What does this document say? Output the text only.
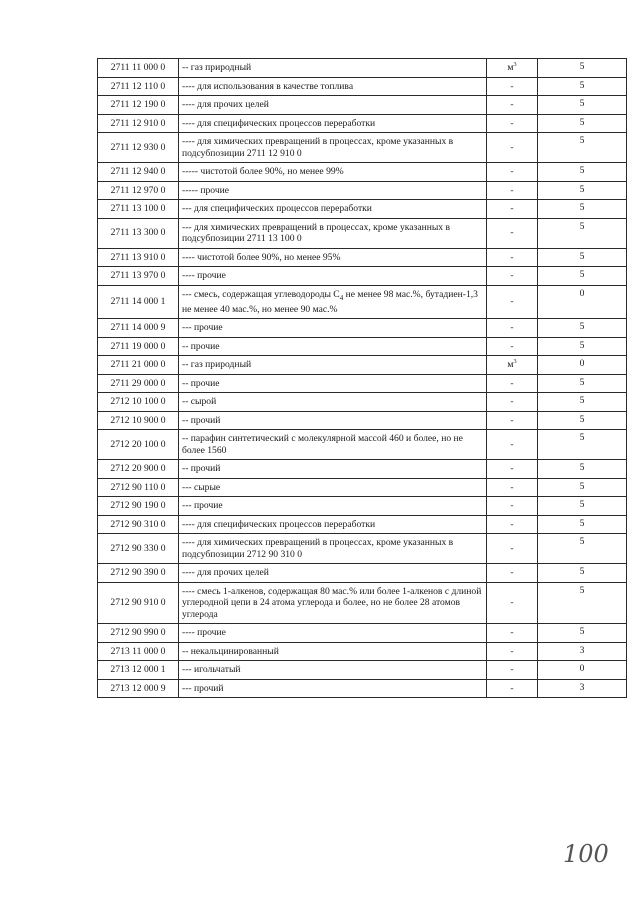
2711 11 000 0	-- газ природный	$м^3$	5
2711 12 110 0	---- для использования в качестве топлива	-	5
2711 12 190 0	---- для прочих целей	-	5
2711 12 910 0	---- для специфических процессов переработки	-	5
2711 12 930 0	---- для химических превращений в процессах, кроме указанных в подсубпозиции 2711 12 910 0	-	5
2711 12 940 0	----- чистотой более 90%, но менее 99%	-	5
2711 12 970 0	----- прочие	-	5
2711 13 100 0	--- для специфических процессов переработки	-	5
2711 13 300 0	--- для химических превращений в процессах, кроме указанных в подсубпозиции 2711 13 100 0	-	5
2711 13 910 0	---- чистотой более 90%, но менее 95%	-	5
2711 13 970 0	---- прочие	-	5
2711 14 000 1	--- смесь, содержащая углеводороды $С_4$ не менее 98 мас.%, бутадиен-1,3 не менее 40 мас.%, но менее 90 мас.%	-	0
2711 14 000 9	--- прочие	-	5
2711 19 000 0	-- прочие	-	5
2711 21 000 0	-- газ природный	$м^3$	0
2711 29 000 0	-- прочие	-	5
2712 10 100 0	-- сырой	-	5
2712 10 900 0	-- прочий	-	5
2712 20 100 0	-- парафин синтетический с молекулярной массой 460 и более, но не более 1560	-	5
2712 20 900 0	-- прочий	-	5
2712 90 110 0	--- сырые	-	5
2712 90 190 0	--- прочие	-	5
2712 90 310 0	---- для специфических процессов переработки	-	5
2712 90 330 0	---- для химических превращений в процессах, кроме указанных в подсубпозиции 2712 90 310 0	-	5
2712 90 390 0	---- для прочих целей	-	5
2712 90 910 0	---- смесь 1-алкенов, содержащая 80 мас.% или более 1-алкенов с длиной углеродной цепи в 24 атома углерода и более, но не более 28 атомов углерода	-	5
2712 90 990 0	---- прочие	-	5
2713 11 000 0	-- некальцинированный	-	3
2713 12 000 1	--- игольчатый	-	0
2713 12 000 9	--- прочий	-	3
100
